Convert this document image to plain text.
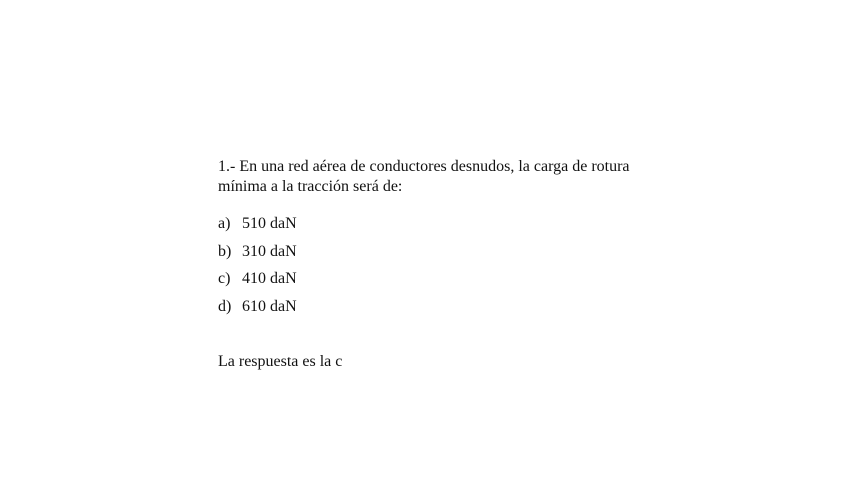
1.- En una red aérea de conductores desnudos, la carga de rotura
mínima a la tracción será de:

a) 510 daN
b) 310 daN
c) 410 daN
d) 610 daN

La respuesta es la c
